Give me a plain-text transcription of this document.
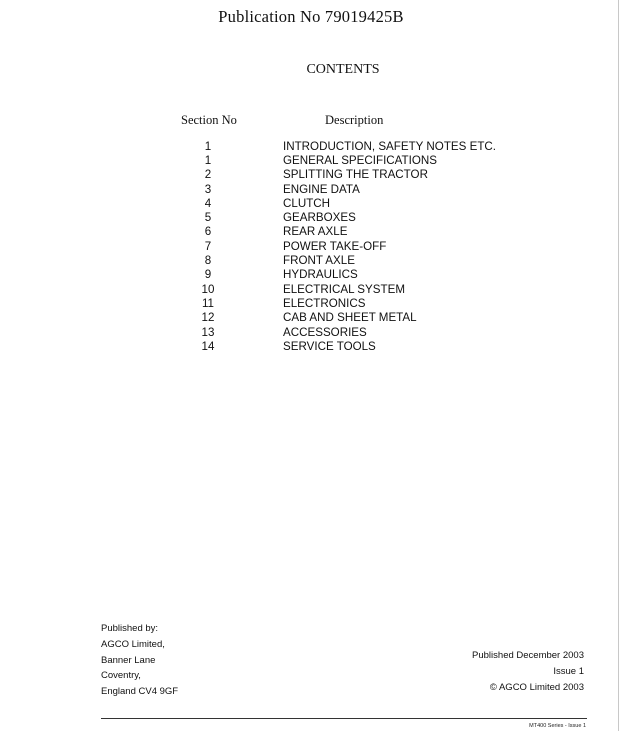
Publication No 79019425B
CONTENTS
Section No	Description
1	INTRODUCTION, SAFETY NOTES ETC.
1	GENERAL SPECIFICATIONS
2	SPLITTING THE TRACTOR
3	ENGINE DATA
4	CLUTCH
5	GEARBOXES
6	REAR AXLE
7	POWER TAKE-OFF
8	FRONT AXLE
9	HYDRAULICS
10	ELECTRICAL SYSTEM
11	ELECTRONICS
12	CAB AND SHEET METAL
13	ACCESSORIES
14	SERVICE TOOLS
Published by:
AGCO Limited,
Banner Lane
Coventry,
England CV4 9GF
Published December 2003
Issue 1
© AGCO Limited 2003
MT400 Series - Issue 1
